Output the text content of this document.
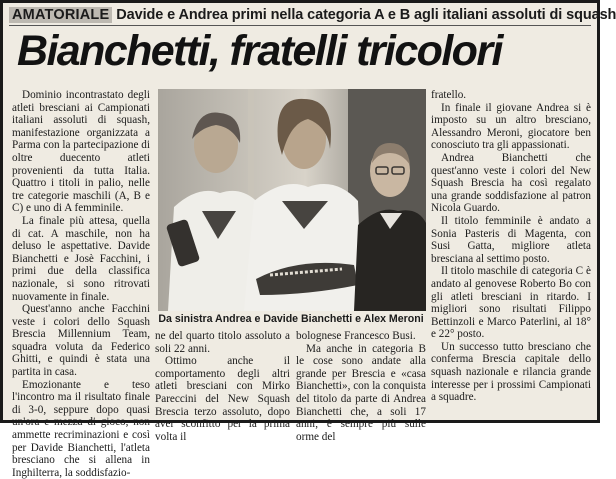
AMATORIALE Davide e Andrea primi nella categoria A e B agli italiani assoluti di squash
Bianchetti, fratelli tricolori

Dominio incontrastato degli atleti bresciani ai Campionati italiani assoluti di squash, manifestazione organizzata a Parma con la partecipazione di oltre duecento atleti provenienti da tutta Italia. Quattro i titoli in palio, nelle tre categorie maschili (A, B e C) e uno di A femminile.

La finale più attesa, quella di cat. A maschile, non ha deluso le aspettative. Davide Bianchetti e Josè Facchini, i primi due della classifica nazionale, si sono ritrovati nuovamente in finale.

Quest'anno anche Facchini veste i colori dello Squash Brescia Millennium Team, squadra voluta da Federico Ghitti, e quindi è stata una partita in casa.

Emozionante e teso l'incontro ma il risultato finale di 3-0, seppure dopo quasi un'ora e mezza di gioco, non ammette recriminazioni e così per Davide Bianchetti, l'atleta bresciano che si allena in Inghilterra, la soddisfazio-

Da sinistra Andrea e Davide Bianchetti e Alex Meroni

ne del quarto titolo assoluto a soli 22 anni.

Ottimo anche il comportamento degli altri atleti bresciani con Mirko Pareccini del New Squash Brescia terzo assoluto, dopo aver sconfitto per la prima volta il

bolognese Francesco Busi.

Ma anche in categoria B le cose sono andate alla grande per Brescia e «casa Bianchetti», con la conquista del titolo da parte di Andrea Bianchetti che, a soli 17 anni, è sempre più sulle orme del

fratello.

In finale il giovane Andrea si è imposto su un altro bresciano, Alessandro Meroni, giocatore ben conosciuto tra gli appassionati.

Andrea Bianchetti che quest'anno veste i colori del New Squash Brescia ha così regalato una grande soddisfazione al patron Nicola Guardo.

Il titolo femminile è andato a Sonia Pasteris di Magenta, con Susi Gatta, migliore atleta bresciana al settimo posto.

Il titolo maschile di categoria C è andato al genovese Roberto Bo con gli atleti bresciani in ritardo. I migliori sono risultati Filippo Bettinzoli e Marco Paterlini, al 18° e 22° posto.

Un successo tutto bresciano che conferma Brescia capitale dello squash nazionale e rilancia grande interesse per i prossimi Campionati a squadre.
